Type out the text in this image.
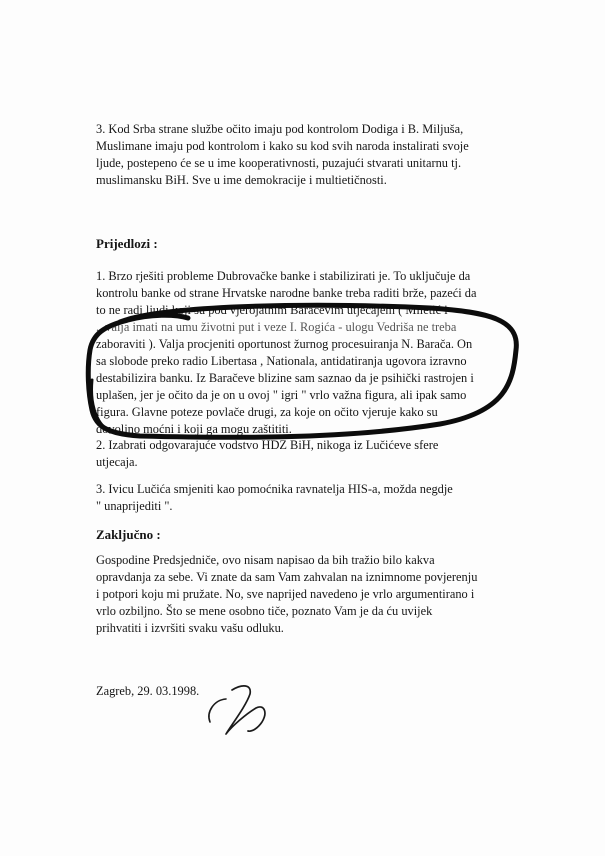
3. Kod Srba strane službe očito imaju pod kontrolom Dodiga i B. Miljuša,
Muslimane imaju pod kontrolom i kako su kod svih naroda instalirati svoje
ljude, postepeno će se u ime kooperativnosti, puzajući stvarati unitarnu tj.
muslimansku BiH. Sve u ime demokracije i multietičnosti.
Prijedlozi :
1. Brzo rješiti probleme Dubrovačke banke i stabilizirati je. To uključuje da
kontrolu banke od strane Hrvatske narodne banke treba raditi brže, pazeći da
to ne radi ljudi koji su pod vjerojatnim Baračevim utjecajem ( Miletić i
...valja imati na umu životni put i veze I. Rogića - ulogu Vedriša ne treba
zaboraviti ). Valja procjeniti oportunost žurnog procesuiranja N. Barača. On
sa slobode preko radio Libertasa , Nationala, antidatiranja ugovora izravno
destabilizira banku. Iz Baračeve blizine sam saznao da je psihički rastrojen i
uplašen, jer je očito da je on u ovoj " igri " vrlo važna figura, ali ipak samo
figura. Glavne poteze povlače drugi, za koje on očito vjeruje kako su
dovoljno moćni i koji ga mogu zaštititi.
2. Izabrati odgovarajuće vodstvo HDZ BiH, nikoga iz Lučićeve sfere
utjecaja.
3. Ivicu Lučića smjeniti kao pomoćnika ravnatelja HIS-a, možda negdje
" unaprijediti ".
Zaključno :
Gospodine Predsjedniče, ovo nisam napisao da bih tražio bilo kakva
opravdanja za sebe. Vi znate da sam Vam zahvalan na iznimnome povjerenju
i potpori koju mi pružate. No, sve naprijed navedeno je vrlo argumentirano i
vrlo ozbiljno. Što se mene osobno tiče, poznato Vam je da ću uvijek
prihvatiti i izvršiti svaku vašu odluku.
Zagreb, 29. 03.1998.
